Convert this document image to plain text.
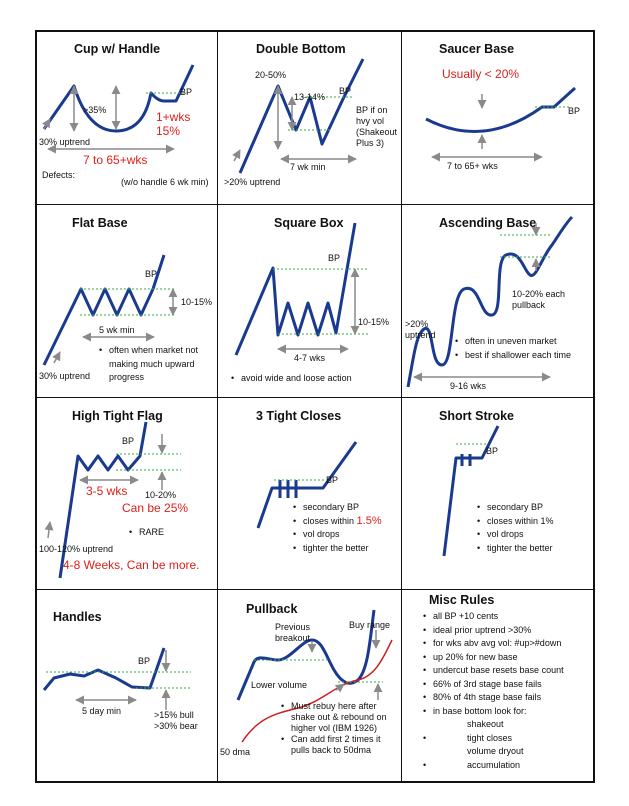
Cup w/ Handle
>35%
BP
1+wks
15%
30% uptrend
7 to 65+wks
Defects:
(w/o handle 6 wk min)
Double Bottom
20-50%
13-14%
BP
BP if on
hvy vol
(Shakeout
Plus 3)
7 wk min
>20% uptrend
Saucer Base
Usually < 20%
BP
7 to 65+ wks
Flat Base
BP
10-15%
5 wk min
• often when market not
making much upward
progress
30% uptrend
Square Box
BP
10-15%
4-7 wks
• avoid wide and loose action
Ascending Base
10-20% each
pullback
>20%
uptrend
• often in uneven market
• best if shallower each time
9-16 wks
High Tight Flag
BP
3-5 wks 10-20%
Can be 25%
• RARE
100-120% uptrend
4-8 Weeks, Can be more.
3 Tight Closes
BP
• secondary BP
• closes within 1.5%
• vol drops
• tighter the better
Short Stroke
BP
• secondary BP
• closes within 1%
• vol drops
• tighter the better
Handles
BP
5 day min	>15% bull
>30% bear
Pullback
Previous
breakout
Buy range
Lower volume
• Must rebuy here after
shake out & rebound on
higher vol (IBM 1926)
• Can add first 2 times it
pulls back to 50dma
50 dma
Misc Rules
• all BP +10 cents
• ideal prior uptrend >30%
• for wks abv avg vol: #up>#down
• up 20% for new base
• undercut base resets base count
• 66% of 3rd stage base fails
• 80% of 4th stage base fails
• in base bottom look for:
shakeout
• tight closes
volume dryout
• accumulation
